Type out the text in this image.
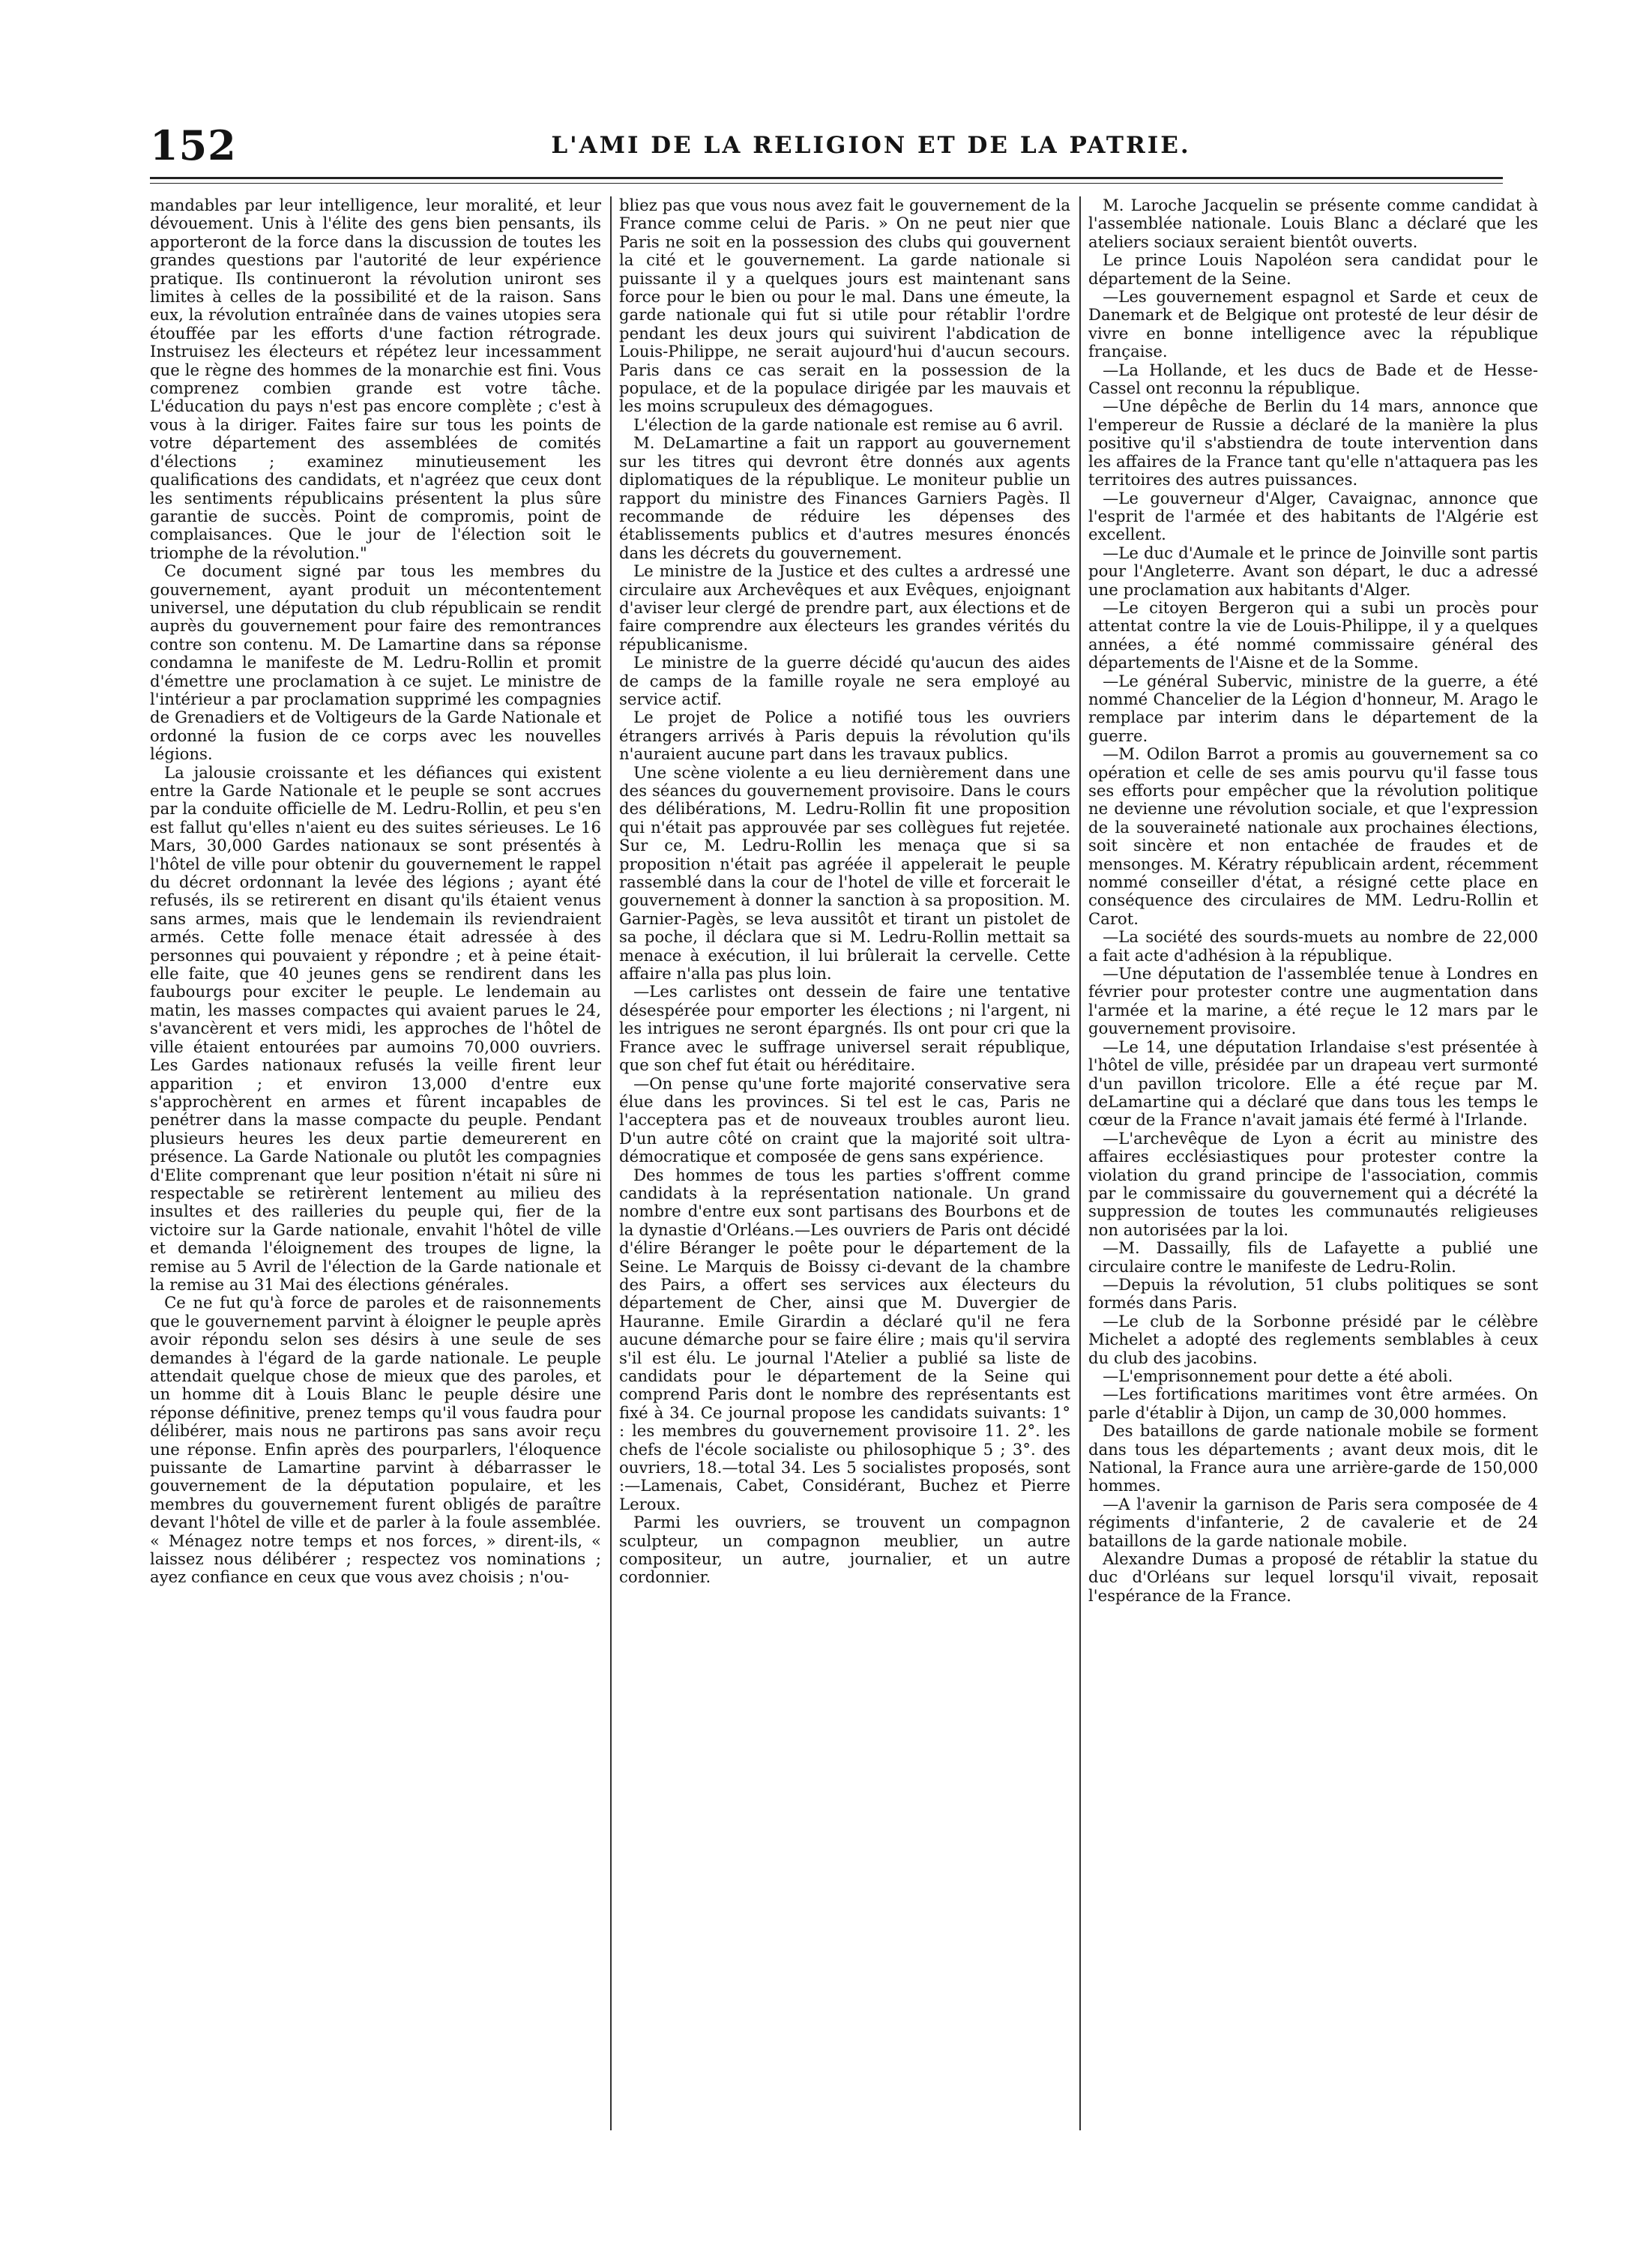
152	L'AMI DE LA RELIGION ET DE LA PATRIE.

mandables par leur intelligence, leur moralité, et leur dévouement. Unis à l'élite des gens bien pensants, ils apporteront de la force dans la discussion de toutes les grandes questions par l'autorité de leur expérience pratique. Ils continueront la révolution uniront ses limites à celles de la possibilité et de la raison. Sans eux, la révolution entraînée dans de vaines utopies sera étouffée par les efforts d'une faction rétrograde. Instruisez les électeurs et répétez leur incessamment que le règne des hommes de la monarchie est fini. Vous comprenez combien grande est votre tâche. L'éducation du pays n'est pas encore complète ; c'est à vous à la diriger. Faites faire sur tous les points de votre département des assemblées de comités d'élections ; examinez minutieusement les qualifications des candidats, et n'agréez que ceux dont les sentiments républicains présentent la plus sûre garantie de succès. Point de compromis, point de complaisances. Que le jour de l'élection soit le triomphe de la révolution."

Ce document signé par tous les membres du gouvernement, ayant produit un mécontentement universel, une députation du club républicain se rendit auprès du gouvernement pour faire des remontrances contre son contenu. M. De Lamartine dans sa réponse condamna le manifeste de M. Ledru-Rollin et promit d'émettre une proclamation à ce sujet. Le ministre de l'intérieur a par proclamation supprimé les compagnies de Grenadiers et de Voltigeurs de la Garde Nationale et ordonné la fusion de ce corps avec les nouvelles légions.

La jalousie croissante et les défiances qui existent entre la Garde Nationale et le peuple se sont accrues par la conduite officielle de M. Ledru-Rollin, et peu s'en est fallut qu'elles n'aient eu des suites sérieuses. Le 16 Mars, 30,000 Gardes nationaux se sont présentés à l'hôtel de ville pour obtenir du gouvernement le rappel du décret ordonnant la levée des légions ; ayant été refusés, ils se retirerent en disant qu'ils étaient venus sans armes, mais que le lendemain ils reviendraient armés. Cette folle menace était adressée à des personnes qui pouvaient y répondre ; et à peine était-elle faite, que 40 jeunes gens se rendirent dans les faubourgs pour exciter le peuple. Le lendemain au matin, les masses compactes qui avaient parues le 24, s'avancèrent et vers midi, les approches de l'hôtel de ville étaient entourées par aumoins 70,000 ouvriers. Les Gardes nationaux refusés la veille firent leur apparition ; et environ 13,000 d'entre eux s'approchèrent en armes et fûrent incapables de penétrer dans la masse compacte du peuple. Pendant plusieurs heures les deux partie demeurerent en présence. La Garde Nationale ou plutôt les compagnies d'Elite comprenant que leur position n'était ni sûre ni respectable se retirèrent lentement au milieu des insultes et des railleries du peuple qui, fier de la victoire sur la Garde nationale, envahit l'hôtel de ville et demanda l'éloignement des troupes de ligne, la remise au 5 Avril de l'élection de la Garde nationale et la remise au 31 Mai des élections générales.

Ce ne fut qu'à force de paroles et de raisonnements que le gouvernement parvint à éloigner le peuple après avoir répondu selon ses désirs à une seule de ses demandes à l'égard de la garde nationale. Le peuple attendait quelque chose de mieux que des paroles, et un homme dit à Louis Blanc le peuple désire une réponse définitive, prenez temps qu'il vous faudra pour délibérer, mais nous ne partirons pas sans avoir reçu une réponse. Enfin après des pourparlers, l'éloquence puissante de Lamartine parvint à débarrasser le gouvernement de la députation populaire, et les membres du gouvernement furent obligés de paraître devant l'hôtel de ville et de parler à la foule assemblée. « Ménagez notre temps et nos forces, » dirent-ils, « laissez nous délibérer ; respectez vos nominations ; ayez confiance en ceux que vous avez choisis ; n'ou-

bliez pas que vous nous avez fait le gouvernement de la France comme celui de Paris. » On ne peut nier que Paris ne soit en la possession des clubs qui gouvernent la cité et le gouvernement. La garde nationale si puissante il y a quelques jours est maintenant sans force pour le bien ou pour le mal. Dans une émeute, la garde nationale qui fut si utile pour rétablir l'ordre pendant les deux jours qui suivirent l'abdication de Louis-Philippe, ne serait aujourd'hui d'aucun secours. Paris dans ce cas serait en la possession de la populace, et de la populace dirigée par les mauvais et les moins scrupuleux des démagogues.

L'élection de la garde nationale est remise au 6 avril.

M. DeLamartine a fait un rapport au gouvernement sur les titres qui devront être donnés aux agents diplomatiques de la république. Le moniteur publie un rapport du ministre des Finances Garniers Pagès. Il recommande de réduire les dépenses des établissements publics et d'autres mesures énoncés dans les décrets du gouvernement.

Le ministre de la Justice et des cultes a ardressé une circulaire aux Archevêques et aux Evêques, enjoignant d'aviser leur clergé de prendre part, aux élections et de faire comprendre aux électeurs les grandes vérités du républicanisme.

Le ministre de la guerre décidé qu'aucun des aides de camps de la famille royale ne sera employé au service actif.

Le projet de Police a notifié tous les ouvriers étrangers arrivés à Paris depuis la révolution qu'ils n'auraient aucune part dans les travaux publics.

Une scène violente a eu lieu dernièrement dans une des séances du gouvernement provisoire. Dans le cours des délibérations, M. Ledru-Rollin fit une proposition qui n'était pas approuvée par ses collègues fut rejetée. Sur ce, M. Ledru-Rollin les menaça que si sa proposition n'était pas agréée il appelerait le peuple rassemblé dans la cour de l'hotel de ville et forcerait le gouvernement à donner la sanction à sa proposition. M. Garnier-Pagès, se leva aussitôt et tirant un pistolet de sa poche, il déclara que si M. Ledru-Rollin mettait sa menace à exécution, il lui brûlerait la cervelle. Cette affaire n'alla pas plus loin.

—Les carlistes ont dessein de faire une tentative désespérée pour emporter les élections ; ni l'argent, ni les intrigues ne seront épargnés. Ils ont pour cri que la France avec le suffrage universel serait république, que son chef fut était ou héréditaire.

—On pense qu'une forte majorité conservative sera élue dans les provinces. Si tel est le cas, Paris ne l'acceptera pas et de nouveaux troubles auront lieu. D'un autre côté on craint que la majorité soit ultra-démocratique et composée de gens sans expérience.

Des hommes de tous les parties s'offrent comme candidats à la représentation nationale. Un grand nombre d'entre eux sont partisans des Bourbons et de la dynastie d'Orléans.—Les ouvriers de Paris ont décidé d'élire Béranger le poête pour le département de la Seine. Le Marquis de Boissy ci-devant de la chambre des Pairs, a offert ses services aux électeurs du département de Cher, ainsi que M. Duvergier de Hauranne. Emile Girardin a déclaré qu'il ne fera aucune démarche pour se faire élire ; mais qu'il servira s'il est élu. Le journal l'Atelier a publié sa liste de candidats pour le département de la Seine qui comprend Paris dont le nombre des représentants est fixé à 34. Ce journal propose les candidats suivants: 1° : les membres du gouvernement provisoire 11. 2°. les chefs de l'école socialiste ou philosophique 5 ; 3°. des ouvriers, 18.—total 34. Les 5 socialistes proposés, sont :—Lamenais, Cabet, Considérant, Buchez et Pierre Leroux.

Parmi les ouvriers, se trouvent un compagnon sculpteur, un compagnon meublier, un autre compositeur, un autre, journalier, et un autre cordonnier.

M. Laroche Jacquelin se présente comme candidat à l'assemblée nationale. Louis Blanc a déclaré que les ateliers sociaux seraient bientôt ouverts.

Le prince Louis Napoléon sera candidat pour le département de la Seine.

—Les gouvernement espagnol et Sarde et ceux de Danemark et de Belgique ont protesté de leur désir de vivre en bonne intelligence avec la république française.

—La Hollande, et les ducs de Bade et de Hesse-Cassel ont reconnu la république.

—Une dépêche de Berlin du 14 mars, annonce que l'empereur de Russie a déclaré de la manière la plus positive qu'il s'abstiendra de toute intervention dans les affaires de la France tant qu'elle n'attaquera pas les territoires des autres puissances.

—Le gouverneur d'Alger, Cavaignac, annonce que l'esprit de l'armée et des habitants de l'Algérie est excellent.

—Le duc d'Aumale et le prince de Joinville sont partis pour l'Angleterre. Avant son départ, le duc a adressé une proclamation aux habitants d'Alger.

—Le citoyen Bergeron qui a subi un procès pour attentat contre la vie de Louis-Philippe, il y a quelques années, a été nommé commissaire général des départements de l'Aisne et de la Somme.

—Le général Subervic, ministre de la guerre, a été nommé Chancelier de la Légion d'honneur, M. Arago le remplace par interim dans le département de la guerre.

—M. Odilon Barrot a promis au gouvernement sa co opération et celle de ses amis pourvu qu'il fasse tous ses efforts pour empêcher que la révolution politique ne devienne une révolution sociale, et que l'expression de la souveraineté nationale aux prochaines élections, soit sincère et non entachée de fraudes et de mensonges. M. Kératry républicain ardent, récemment nommé conseiller d'état, a résigné cette place en conséquence des circulaires de MM. Ledru-Rollin et Carot.

—La société des sourds-muets au nombre de 22,000 a fait acte d'adhésion à la république.

—Une députation de l'assemblée tenue à Londres en février pour protester contre une augmentation dans l'armée et la marine, a été reçue le 12 mars par le gouvernement provisoire.

—Le 14, une députation Irlandaise s'est présentée à l'hôtel de ville, présidée par un drapeau vert surmonté d'un pavillon tricolore. Elle a été reçue par M. deLamartine qui a déclaré que dans tous les temps le cœur de la France n'avait jamais été fermé à l'Irlande.

—L'archevêque de Lyon a écrit au ministre des affaires ecclésiastiques pour protester contre la violation du grand principe de l'association, commis par le commissaire du gouvernement qui a décrété la suppression de toutes les communautés religieuses non autorisées par la loi.

—M. Dassailly, fils de Lafayette a publié une circulaire contre le manifeste de Ledru-Rolin.

—Depuis la révolution, 51 clubs politiques se sont formés dans Paris.

—Le club de la Sorbonne présidé par le célèbre Michelet a adopté des reglements semblables à ceux du club des jacobins.

—L'emprisonnement pour dette a été aboli.

—Les fortifications maritimes vont être armées. On parle d'établir à Dijon, un camp de 30,000 hommes.

Des bataillons de garde nationale mobile se forment dans tous les départements ; avant deux mois, dit le National, la France aura une arrière-garde de 150,000 hommes.

—A l'avenir la garnison de Paris sera composée de 4 régiments d'infanterie, 2 de cavalerie et de 24 bataillons de la garde nationale mobile.

Alexandre Dumas a proposé de rétablir la statue du duc d'Orléans sur lequel lorsqu'il vivait, reposait l'espérance de la France.
